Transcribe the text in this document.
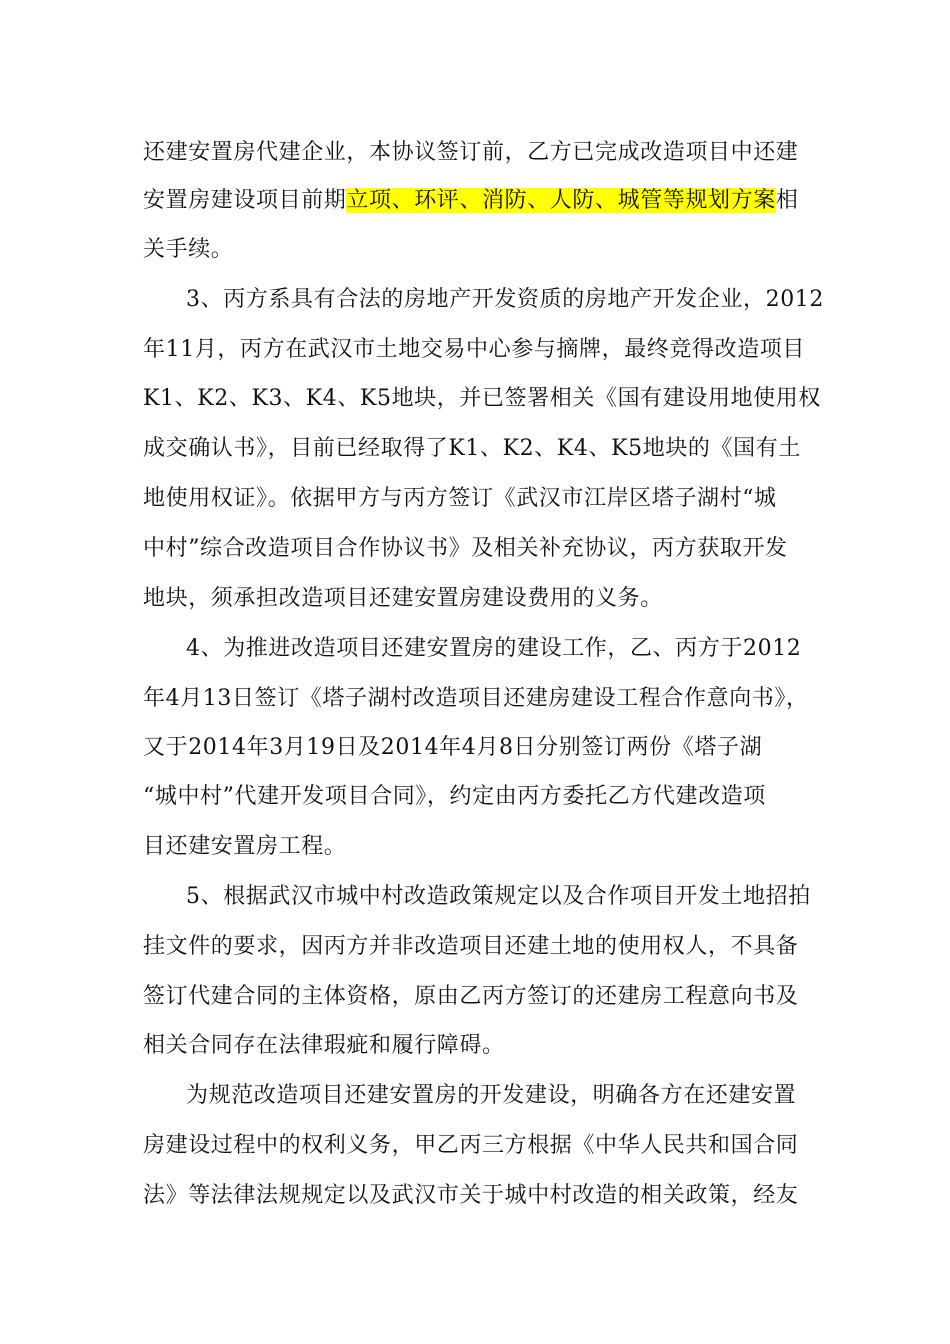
还建安置房代建企业，本协议签订前，乙方已完成改造项目中还建
安置房建设项目前期立项、环评、消防、人防、城管等规划方案相
关手续。
3、丙方系具有合法的房地产开发资质的房地产开发企业，2012
年11月，丙方在武汉市土地交易中心参与摘牌，最终竞得改造项目
K1、K2、K3、K4、K5地块，并已签署相关《国有建设用地使用权
成交确认书》，目前已经取得了K1、K2、K4、K5地块的《国有土
地使用权证》。依据甲方与丙方签订《武汉市江岸区塔子湖村“城
中村”综合改造项目合作协议书》及相关补充协议，丙方获取开发
地块，须承担改造项目还建安置房建设费用的义务。
4、为推进改造项目还建安置房的建设工作，乙、丙方于2012
年4月13日签订《塔子湖村改造项目还建房建设工程合作意向书》，
又于2014年3月19日及2014年4月8日分别签订两份《塔子湖
“城中村”代建开发项目合同》，约定由丙方委托乙方代建改造项
目还建安置房工程。
5、根据武汉市城中村改造政策规定以及合作项目开发土地招拍
挂文件的要求，因丙方并非改造项目还建土地的使用权人，不具备
签订代建合同的主体资格，原由乙丙方签订的还建房工程意向书及
相关合同存在法律瑕疵和履行障碍。
为规范改造项目还建安置房的开发建设，明确各方在还建安置
房建设过程中的权利义务，甲乙丙三方根据《中华人民共和国合同
法》等法律法规规定以及武汉市关于城中村改造的相关政策，经友
